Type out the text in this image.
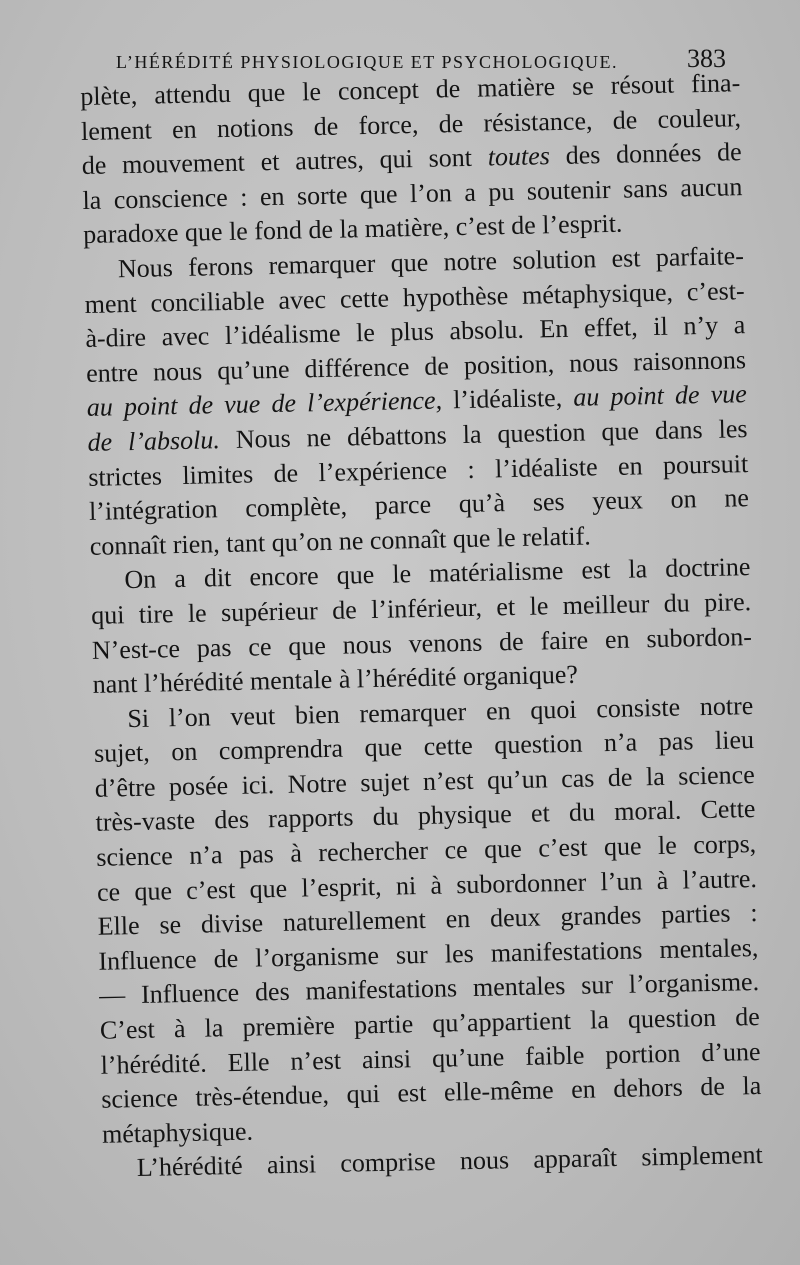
L’HÉRÉDITÉ PHYSIOLOGIQUE ET PSYCHOLOGIQUE.	383
plète, attendu que le concept de matière se résout fina-
lement en notions de force, de résistance, de couleur,
de mouvement et autres, qui sont toutes des données de
la conscience : en sorte que l’on a pu soutenir sans aucun
paradoxe que le fond de la matière, c’est de l’esprit.
Nous ferons remarquer que notre solution est parfaite-
ment conciliable avec cette hypothèse métaphysique, c’est-
à-dire avec l’idéalisme le plus absolu. En effet, il n’y a
entre nous qu’une différence de position, nous raisonnons
au point de vue de l’expérience, l’idéaliste, au point de vue
de l’absolu. Nous ne débattons la question que dans les
strictes limites de l’expérience : l’idéaliste en poursuit
l’intégration complète, parce qu’à ses yeux on ne
connaît rien, tant qu’on ne connaît que le relatif.
On a dit encore que le matérialisme est la doctrine
qui tire le supérieur de l’inférieur, et le meilleur du pire.
N’est-ce pas ce que nous venons de faire en subordon-
nant l’hérédité mentale à l’hérédité organique?
Si l’on veut bien remarquer en quoi consiste notre
sujet, on comprendra que cette question n’a pas lieu
d’être posée ici. Notre sujet n’est qu’un cas de la science
très-vaste des rapports du physique et du moral. Cette
science n’a pas à rechercher ce que c’est que le corps,
ce que c’est que l’esprit, ni à subordonner l’un à l’autre.
Elle se divise naturellement en deux grandes parties :
Influence de l’organisme sur les manifestations mentales,
— Influence des manifestations mentales sur l’organisme.
C’est à la première partie qu’appartient la question de
l’hérédité. Elle n’est ainsi qu’une faible portion d’une
science très-étendue, qui est elle-même en dehors de la
métaphysique.
L’hérédité ainsi comprise nous apparaît simplement
